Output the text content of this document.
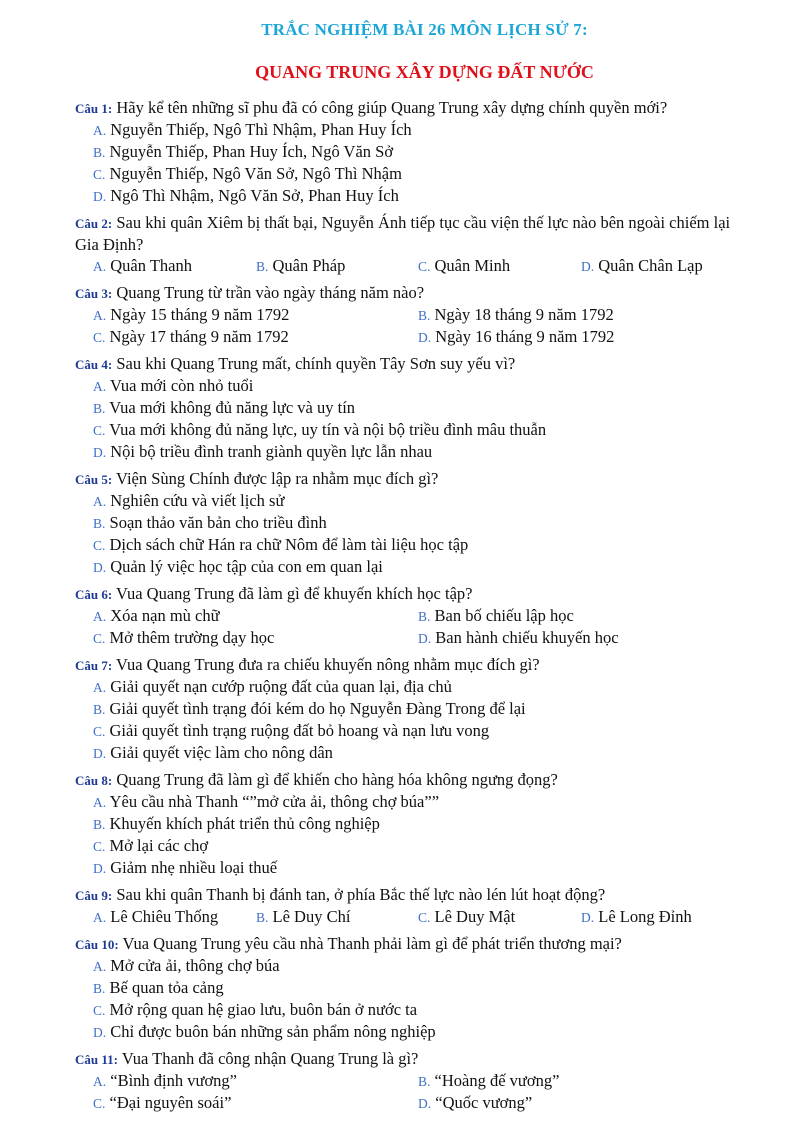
TRẮC NGHIỆM BÀI 26 MÔN LỊCH SỬ 7:
QUANG TRUNG XÂY DỰNG ĐẤT NƯỚC
Câu 1: Hãy kể tên những sĩ phu đã có công giúp Quang Trung xây dựng chính quyền mới?
A. Nguyễn Thiếp, Ngô Thì Nhậm, Phan Huy Ích
B. Nguyễn Thiếp, Phan Huy Ích, Ngô Văn Sở
C. Nguyễn Thiếp, Ngô Văn Sở, Ngô Thì Nhậm
D. Ngô Thì Nhậm, Ngô Văn Sở, Phan Huy Ích
Câu 2: Sau khi quân Xiêm bị thất bại, Nguyễn Ánh tiếp tục cầu viện thế lực nào bên ngoài chiếm lại Gia Định?
A. Quân Thanh	B. Quân Pháp	C. Quân Minh	D. Quân Chân Lạp
Câu 3: Quang Trung từ trần vào ngày tháng năm nào?
A. Ngày 15 tháng 9 năm 1792	B. Ngày 18 tháng 9 năm 1792
C. Ngày 17 tháng 9 năm 1792	D. Ngày 16 tháng 9 năm 1792
Câu 4: Sau khi Quang Trung mất, chính quyền Tây Sơn suy yếu vì?
A. Vua mới còn nhỏ tuổi
B. Vua mới không đủ năng lực và uy tín
C. Vua mới không đủ năng lực, uy tín và nội bộ triều đình mâu thuẫn
D. Nội bộ triều đình tranh giành quyền lực lẫn nhau
Câu 5: Viện Sùng Chính được lập ra nhằm mục đích gì?
A. Nghiên cứu và viết lịch sử
B. Soạn thảo văn bản cho triều đình
C. Dịch sách chữ Hán ra chữ Nôm để làm tài liệu học tập
D. Quản lý việc học tập của con em quan lại
Câu 6: Vua Quang Trung đã làm gì để khuyến khích học tập?
A. Xóa nạn mù chữ	B. Ban bố chiếu lập học
C. Mở thêm trường dạy học	D. Ban hành chiếu khuyến học
Câu 7: Vua Quang Trung đưa ra chiếu khuyến nông nhằm mục đích gì?
A. Giải quyết nạn cướp ruộng đất của quan lại, địa chủ
B. Giải quyết tình trạng đói kém do họ Nguyễn Đàng Trong để lại
C. Giải quyết tình trạng ruộng đất bỏ hoang và nạn lưu vong
D. Giải quyết việc làm cho nông dân
Câu 8: Quang Trung đã làm gì để khiến cho hàng hóa không ngưng đọng?
A. Yêu cầu nhà Thanh “”mở cửa ải, thông chợ búa””
B. Khuyến khích phát triển thủ công nghiệp
C. Mở lại các chợ
D. Giảm nhẹ nhiều loại thuế
Câu 9: Sau khi quân Thanh bị đánh tan, ở phía Bắc thế lực nào lén lút hoạt động?
A. Lê Chiêu Thống	B. Lê Duy Chí	C. Lê Duy Mật	D. Lê Long Đỉnh
Câu 10: Vua Quang Trung yêu cầu nhà Thanh phải làm gì để phát triển thương mại?
A. Mở cửa ải, thông chợ búa
B. Bế quan tỏa cảng
C. Mở rộng quan hệ giao lưu, buôn bán ở nước ta
D. Chỉ được buôn bán những sản phẩm nông nghiệp
Câu 11: Vua Thanh đã công nhận Quang Trung là gì?
A. “Bình định vương”	B. “Hoàng đế vương”
C. “Đại nguyên soái”	D. “Quốc vương”
